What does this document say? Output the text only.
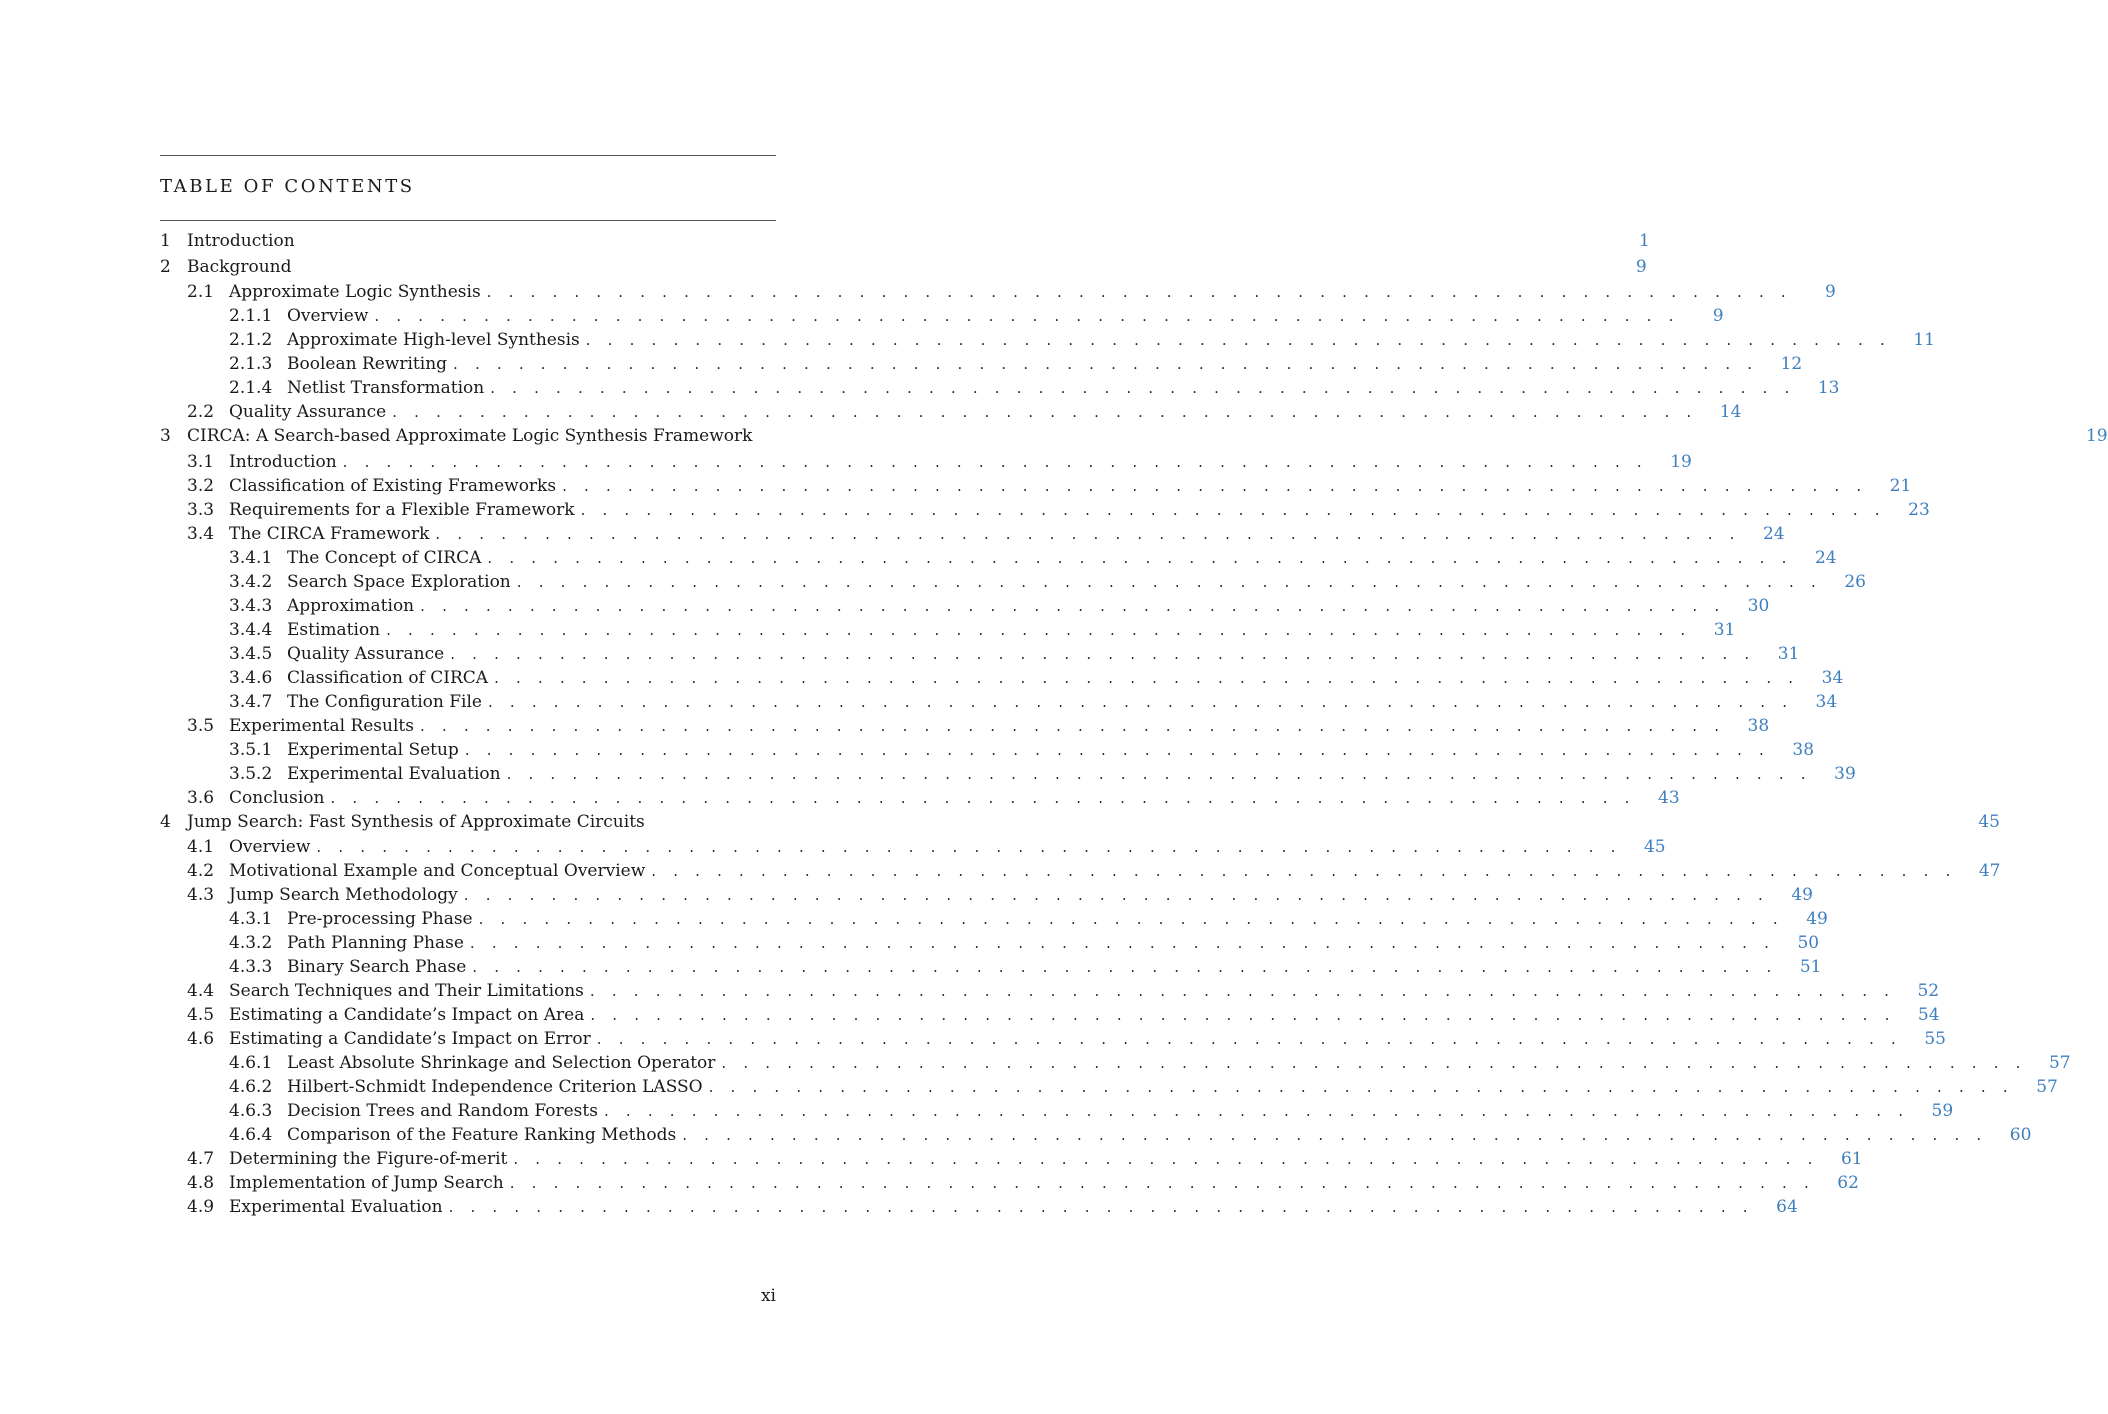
TABLE OF CONTENTS
1 Introduction	1
2 Background	9
2.1 Approximate Logic Synthesis . . . . . . . . . . . . . . . . . . . . . . . . . . . . . . . . . . . . . . . . . . . . . . . . . . . . . . . . . . . .	9
2.1.1 Overview . . . . . . . . . . . . . . . . . . . . . . . . . . . . . . . . . . . . . . . . . . . . . . . . . . . . . . . . . . . .	9
2.1.2 Approximate High-level Synthesis . . . . . . . . . . . . . . . . . . . . . . . . . . . . . . . . . . . . . . . . . . . . . . . . . . . . . . . . . . . .	11
2.1.3 Boolean Rewriting . . . . . . . . . . . . . . . . . . . . . . . . . . . . . . . . . . . . . . . . . . . . . . . . . . . . . . . . . . . .	12
2.1.4 Netlist Transformation . . . . . . . . . . . . . . . . . . . . . . . . . . . . . . . . . . . . . . . . . . . . . . . . . . . . . . . . . . . .	13
2.2 Quality Assurance . . . . . . . . . . . . . . . . . . . . . . . . . . . . . . . . . . . . . . . . . . . . . . . . . . . . . . . . . . . .	14
3 CIRCA: A Search-based Approximate Logic Synthesis Framework	19
3.1 Introduction . . . . . . . . . . . . . . . . . . . . . . . . . . . . . . . . . . . . . . . . . . . . . . . . . . . . . . . . . . . .	19
3.2 Classification of Existing Frameworks . . . . . . . . . . . . . . . . . . . . . . . . . . . . . . . . . . . . . . . . . . . . . . . . . . . . . . . . . . . .	21
3.3 Requirements for a Flexible Framework . . . . . . . . . . . . . . . . . . . . . . . . . . . . . . . . . . . . . . . . . . . . . . . . . . . . . . . . . . . .	23
3.4 The CIRCA Framework . . . . . . . . . . . . . . . . . . . . . . . . . . . . . . . . . . . . . . . . . . . . . . . . . . . . . . . . . . . .	24
3.4.1 The Concept of CIRCA . . . . . . . . . . . . . . . . . . . . . . . . . . . . . . . . . . . . . . . . . . . . . . . . . . . . . . . . . . . .	24
3.4.2 Search Space Exploration . . . . . . . . . . . . . . . . . . . . . . . . . . . . . . . . . . . . . . . . . . . . . . . . . . . . . . . . . . . .	26
3.4.3 Approximation . . . . . . . . . . . . . . . . . . . . . . . . . . . . . . . . . . . . . . . . . . . . . . . . . . . . . . . . . . . .	30
3.4.4 Estimation . . . . . . . . . . . . . . . . . . . . . . . . . . . . . . . . . . . . . . . . . . . . . . . . . . . . . . . . . . . .	31
3.4.5 Quality Assurance . . . . . . . . . . . . . . . . . . . . . . . . . . . . . . . . . . . . . . . . . . . . . . . . . . . . . . . . . . . .	31
3.4.6 Classification of CIRCA . . . . . . . . . . . . . . . . . . . . . . . . . . . . . . . . . . . . . . . . . . . . . . . . . . . . . . . . . . . .	34
3.4.7 The Configuration File . . . . . . . . . . . . . . . . . . . . . . . . . . . . . . . . . . . . . . . . . . . . . . . . . . . . . . . . . . . .	34
3.5 Experimental Results . . . . . . . . . . . . . . . . . . . . . . . . . . . . . . . . . . . . . . . . . . . . . . . . . . . . . . . . . . . .	38
3.5.1 Experimental Setup . . . . . . . . . . . . . . . . . . . . . . . . . . . . . . . . . . . . . . . . . . . . . . . . . . . . . . . . . . . .	38
3.5.2 Experimental Evaluation . . . . . . . . . . . . . . . . . . . . . . . . . . . . . . . . . . . . . . . . . . . . . . . . . . . . . . . . . . . .	39
3.6 Conclusion . . . . . . . . . . . . . . . . . . . . . . . . . . . . . . . . . . . . . . . . . . . . . . . . . . . . . . . . . . . .	43
4 Jump Search: Fast Synthesis of Approximate Circuits	45
4.1 Overview . . . . . . . . . . . . . . . . . . . . . . . . . . . . . . . . . . . . . . . . . . . . . . . . . . . . . . . . . . . .	45
4.2 Motivational Example and Conceptual Overview . . . . . . . . . . . . . . . . . . . . . . . . . . . . . . . . . . . . . . . . . . . . . . . . . . . . . . . . . . . .	47
4.3 Jump Search Methodology . . . . . . . . . . . . . . . . . . . . . . . . . . . . . . . . . . . . . . . . . . . . . . . . . . . . . . . . . . . .	49
4.3.1 Pre-processing Phase . . . . . . . . . . . . . . . . . . . . . . . . . . . . . . . . . . . . . . . . . . . . . . . . . . . . . . . . . . . .	49
4.3.2 Path Planning Phase . . . . . . . . . . . . . . . . . . . . . . . . . . . . . . . . . . . . . . . . . . . . . . . . . . . . . . . . . . . .	50
4.3.3 Binary Search Phase . . . . . . . . . . . . . . . . . . . . . . . . . . . . . . . . . . . . . . . . . . . . . . . . . . . . . . . . . . . .	51
4.4 Search Techniques and Their Limitations . . . . . . . . . . . . . . . . . . . . . . . . . . . . . . . . . . . . . . . . . . . . . . . . . . . . . . . . . . . .	52
4.5 Estimating a Candidate’s Impact on Area . . . . . . . . . . . . . . . . . . . . . . . . . . . . . . . . . . . . . . . . . . . . . . . . . . . . . . . . . . . .	54
4.6 Estimating a Candidate’s Impact on Error . . . . . . . . . . . . . . . . . . . . . . . . . . . . . . . . . . . . . . . . . . . . . . . . . . . . . . . . . . . .	55
4.6.1 Least Absolute Shrinkage and Selection Operator . . . . . . . . . . . . . . . . . . . . . . . . . . . . . . . . . . . . . . . . . . . . . . . . . . . . . . . . . . . .	57
4.6.2 Hilbert-Schmidt Independence Criterion LASSO . . . . . . . . . . . . . . . . . . . . . . . . . . . . . . . . . . . . . . . . . . . . . . . . . . . . . . . . . . . .	57
4.6.3 Decision Trees and Random Forests . . . . . . . . . . . . . . . . . . . . . . . . . . . . . . . . . . . . . . . . . . . . . . . . . . . . . . . . . . . .	59
4.6.4 Comparison of the Feature Ranking Methods . . . . . . . . . . . . . . . . . . . . . . . . . . . . . . . . . . . . . . . . . . . . . . . . . . . . . . . . . . . .	60
4.7 Determining the Figure-of-merit . . . . . . . . . . . . . . . . . . . . . . . . . . . . . . . . . . . . . . . . . . . . . . . . . . . . . . . . . . . .	61
4.8 Implementation of Jump Search . . . . . . . . . . . . . . . . . . . . . . . . . . . . . . . . . . . . . . . . . . . . . . . . . . . . . . . . . . . .	62
4.9 Experimental Evaluation . . . . . . . . . . . . . . . . . . . . . . . . . . . . . . . . . . . . . . . . . . . . . . . . . . . . . . . . . . . .	64
xi
